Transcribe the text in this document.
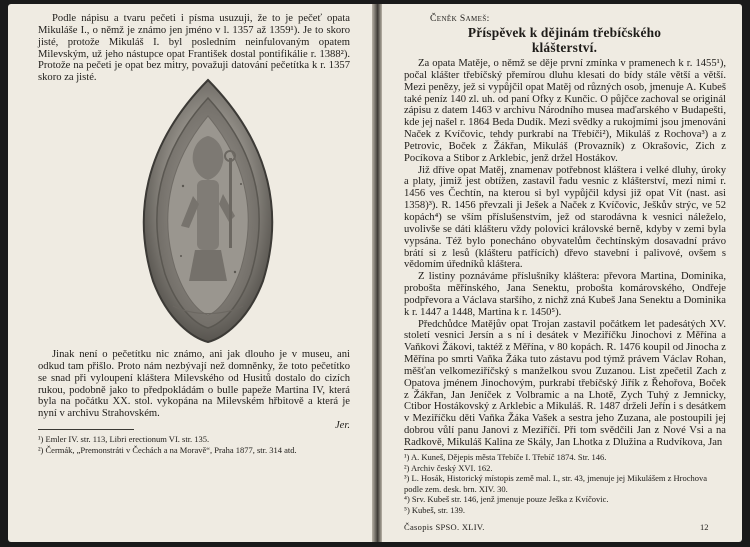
Podle nápisu a tvaru pečeti i písma usuzuji, že to je pečeť opata Mikuláše I., o němž je známo jen jméno v l. 1357 až 1359¹). Je to skoro jisté, protože Mikuláš I. byl posledním neinfulovaným opatem Milevským, už jeho nástupce opat František dostal pontifikálie r. 1388²). Protože na pečeti je opat bez mitry, považuji datování pečetítka k r. 1357 skoro za jisté.

Jinak není o pečetítku nic známo, ani jak dlouho je v museu, ani odkud tam přišlo. Proto nám nezbývají než domněnky, že toto pečetítko se snad při vyloupení kláštera Milevského od Husitů dostalo do cizích rukou, podobně jako to předpokládám o bulle papeže Martina IV, která byla na počátku XX. stol. vykopána na Milevském hřbitově a která je nyní v archivu Strahovském.

Jer.
¹) Emler IV. str. 113, Libri erectionum VI. str. 135.
²) Čermák, „Premonstráti v Čechách a na Moravě“, Praha 1877, str. 314 atd.
Čeněk Sameš:
Příspěvek k dějinám třebíčského
klášterství.

Za opata Matěje, o němž se děje první zmínka v pramenech k r. 1455¹), počal klášter třebíčský přemírou dluhu klesati do bídy stále větší a větší. Mezi penězy, jež si vypůjčil opat Matěj od různých osob, jmenuje A. Kubeš také peníz 140 zl. uh. od paní Ofky z Kunčic. O půjčce zachoval se originál zápisu z datem 1463 v archivu Národního musea maďarského v Budapešti, kde jej našel r. 1864 Beda Dudík. Mezi svědky a rukojmími jsou jmenováni Naček z Kvíčovic, tehdy purkrabí na Třebíči²), Mikuláš z Rochova³) a z Petrovic, Boček z Žákřan, Mikuláš (Provazník) z Okrašovic, Zich z Pocíkova a Stibor z Arklebic, jenž držel Hostákov.

Již dříve opat Matěj, znamenav potřebnost kláštera i velké dluhy, úroky a platy, jimiž jest obtížen, zastavil řadu vesnic z klášterství, mezi nimi r. 1456 ves Čechtín, na kterou si byl vypůjčil kdysi již opat Vít (nast. asi 1358)³). R. 1456 převzali ji Ješek a Naček z Kvíčovic, Ješkův strýc, ve 52 kopách⁴) se vším příslušenstvím, jež od starodávna k vesnici náleželo, uvolivše se dáti klášteru vždy polovici královské berně, kdyby v zemi byla vypsána. Též bylo ponecháno obyvatelům čechtínským dosavadní právo brátí si z lesů (klášteru patřících) dřevo stavební i palivové, ovšem s vědomím úředníků kláštera.

Z listiny poznáváme příslušníky kláštera: převora Martina, Dominika, probošta měřínského, Jana Senektu, probošta komárovského, Ondřeje podpřevora a Václava staršího, z nichž zná Kubeš Jana Senektu a Dominika k r. 1447 a 1448, Martina k r. 1450⁵).

Předchůdce Matějův opat Trojan zastavil počátkem let padesátých XV. století vesnici Jersín a s ní i desátek v Meziříčku Jinochovi z Měřína a Vaňkovi Žákovi, taktéž z Měřína, v 80 kopách. R. 1476 koupil od Jinocha z Měřína po smrti Vaňka Žáka tuto zástavu pod týmž právem Václav Rohan, měšťan velkomeziříčský s manželkou svou Zuzanou. List zpečetil Zach z Opatova jménem Jinochovým, purkrabí třebíčský Jiřík z Řehořova, Boček z Žákřan, Jan Jeníček z Volbramic a na Lhotě, Zych Tuhý z Jemnicky, Ctibor Hostákovský z Arklebic a Mikuláš. R. 1487 drželi Jeřín i s desátkem v Meziříčku děti Vaňka Žáka Vašek a sestra jeho Zuzana, ale postoupili jej dobrou vůlí panu Janovi z Meziříčí. Při tom svědčili Jan z Nové Vsi a na Radkově, Mikuláš Kalina ze Skály, Jan Lhotka z Dlužina a Rudvíkova, Jan

¹) A. Kuneš, Dějepis města Třebíče I. Třebíč 1874. Str. 146.
²) Archiv český XVI. 162.
³) L. Hosák, Historický místopis země mal. I., str. 43, jmenuje jej Mikulášem z Hrochova podle zem. desk. brn. XIV. 30.
⁴) Srv. Kubeš str. 146, jenž jmenuje pouze Ješka z Kvíčovic.
⁵) Kubeš, str. 139.
Časopis SPSO. XLIV.	12
